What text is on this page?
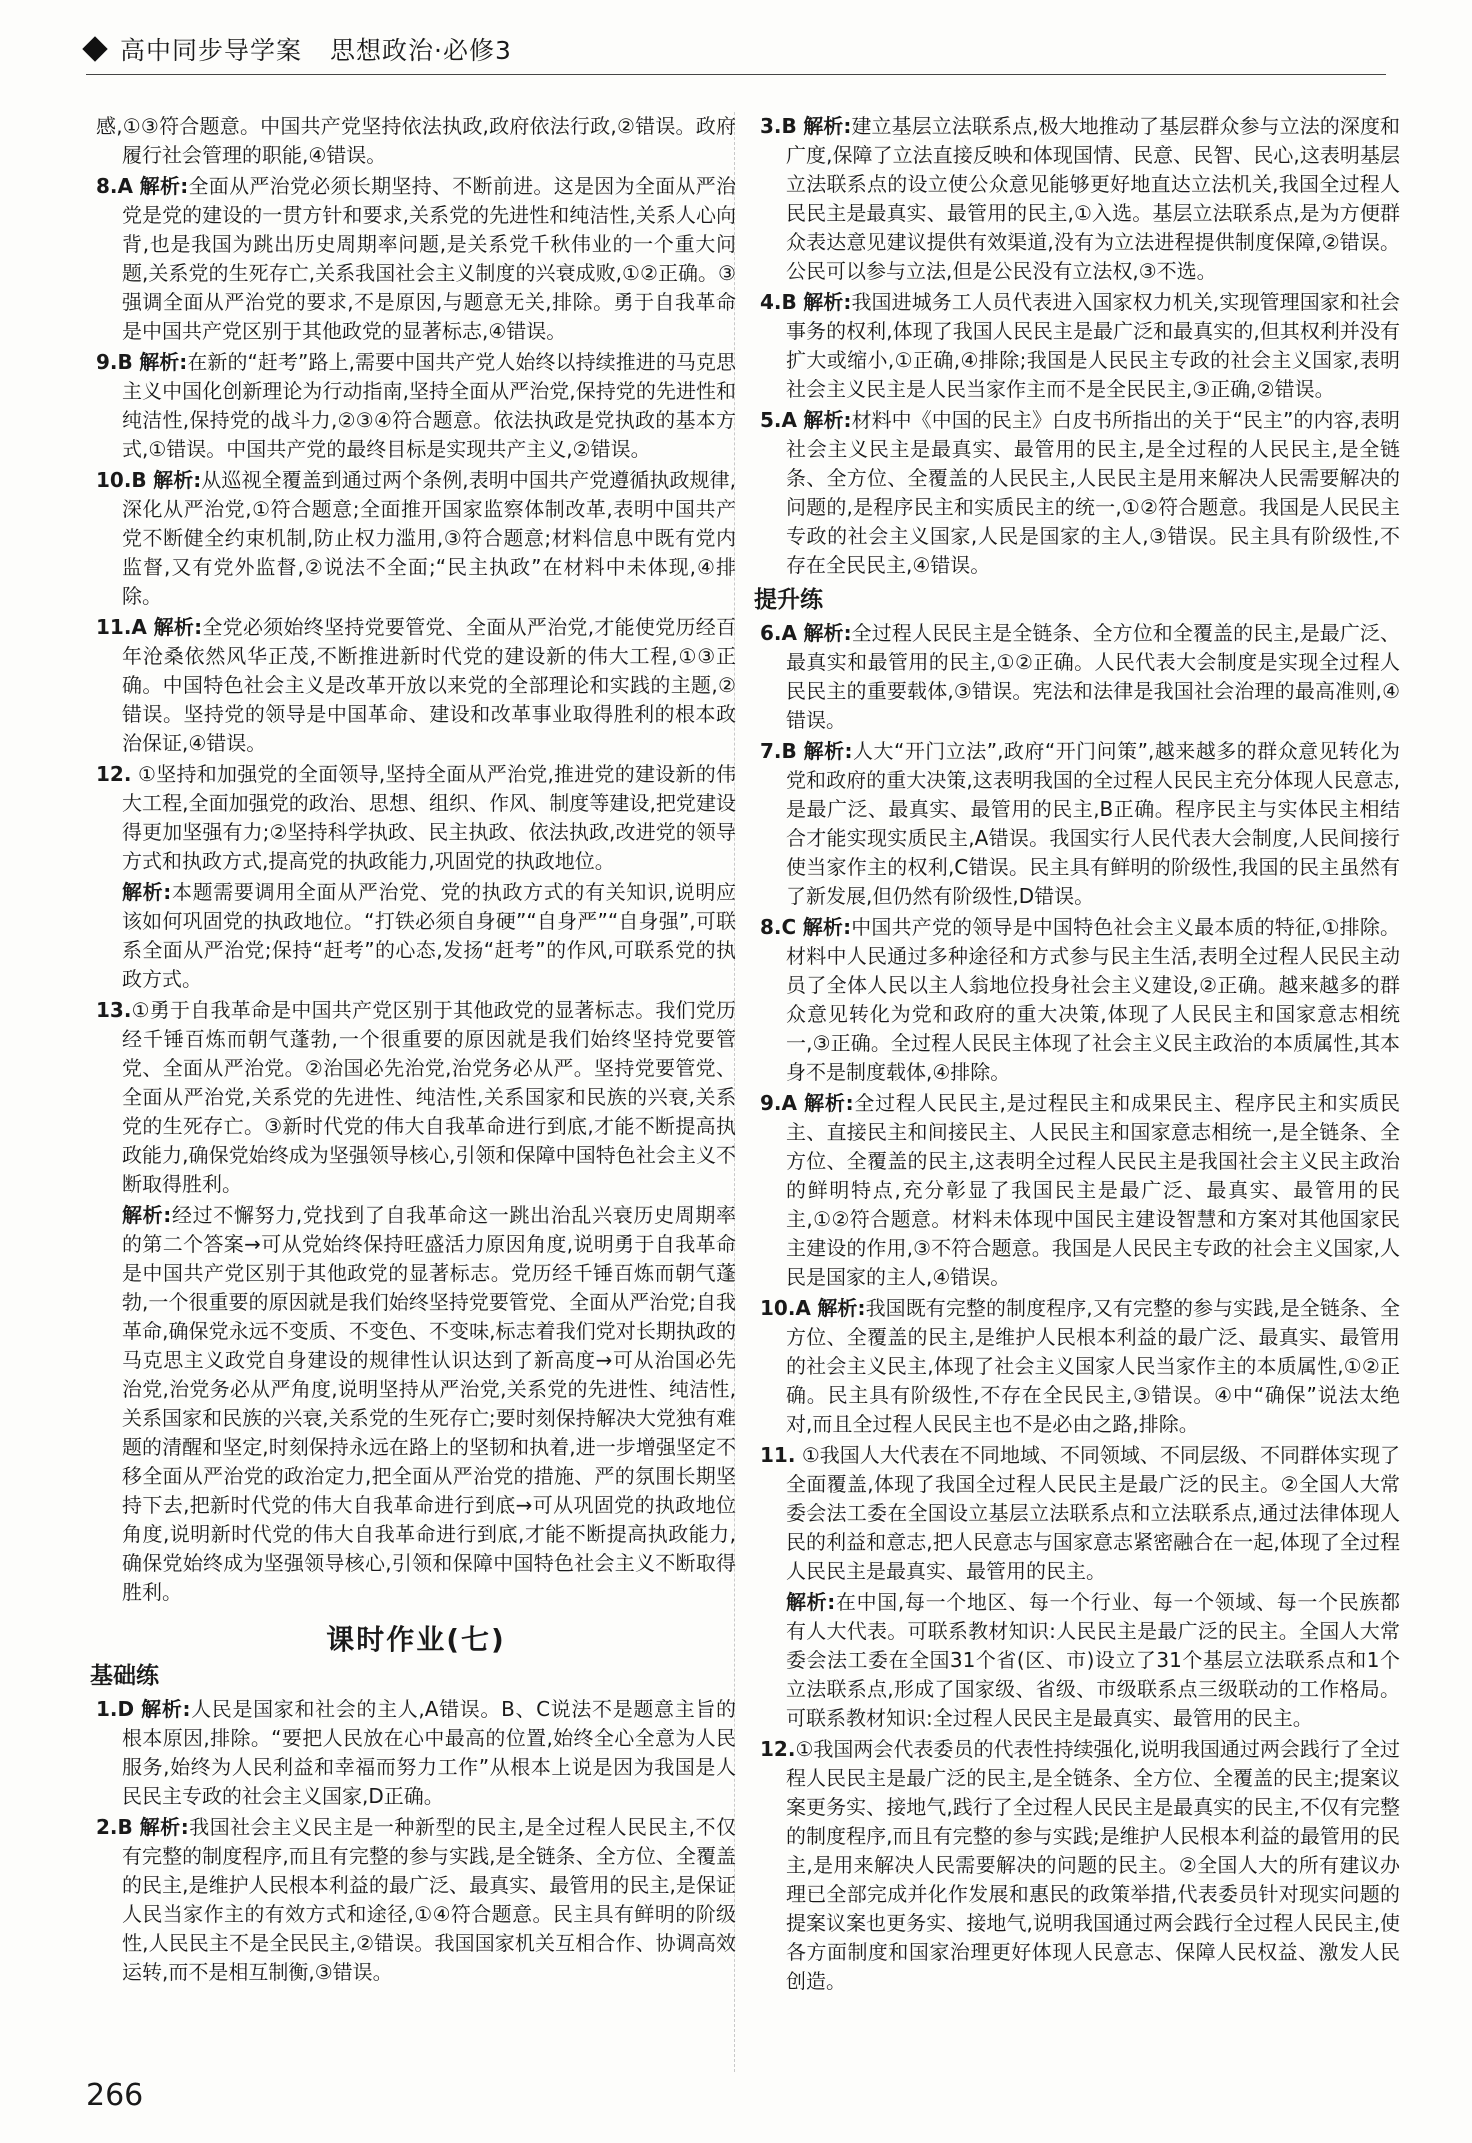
高中同步导学案 思想政治·必修3

感,①③符合题意。中国共产党坚持依法执政,政府依法行政,②错误。政府履行社会管理的职能,④错误。

8.A 解析:全面从严治党必须长期坚持、不断前进。这是因为全面从严治党是党的建设的一贯方针和要求,关系党的先进性和纯洁性,关系人心向背,也是我国为跳出历史周期率问题,是关系党千秋伟业的一个重大问题,关系党的生死存亡,关系我国社会主义制度的兴衰成败,①②正确。③强调全面从严治党的要求,不是原因,与题意无关,排除。勇于自我革命是中国共产党区别于其他政党的显著标志,④错误。

9.B 解析:在新的“赶考”路上,需要中国共产党人始终以持续推进的马克思主义中国化创新理论为行动指南,坚持全面从严治党,保持党的先进性和纯洁性,保持党的战斗力,②③④符合题意。依法执政是党执政的基本方式,①错误。中国共产党的最终目标是实现共产主义,②错误。

10.B 解析:从巡视全覆盖到通过两个条例,表明中国共产党遵循执政规律,深化从严治党,①符合题意;全面推开国家监察体制改革,表明中国共产党不断健全约束机制,防止权力滥用,③符合题意;材料信息中既有党内监督,又有党外监督,②说法不全面;“民主执政”在材料中未体现,④排除。

11.A 解析:全党必须始终坚持党要管党、全面从严治党,才能使党历经百年沧桑依然风华正茂,不断推进新时代党的建设新的伟大工程,①③正确。中国特色社会主义是改革开放以来党的全部理论和实践的主题,②错误。坚持党的领导是中国革命、建设和改革事业取得胜利的根本政治保证,④错误。

12. ①坚持和加强党的全面领导,坚持全面从严治党,推进党的建设新的伟大工程,全面加强党的政治、思想、组织、作风、制度等建设,把党建设得更加坚强有力;②坚持科学执政、民主执政、依法执政,改进党的领导方式和执政方式,提高党的执政能力,巩固党的执政地位。

解析:本题需要调用全面从严治党、党的执政方式的有关知识,说明应该如何巩固党的执政地位。“打铁必须自身硬”“自身严”“自身强”,可联系全面从严治党;保持“赶考”的心态,发扬“赶考”的作风,可联系党的执政方式。

13.①勇于自我革命是中国共产党区别于其他政党的显著标志。我们党历经千锤百炼而朝气蓬勃,一个很重要的原因就是我们始终坚持党要管党、全面从严治党。②治国必先治党,治党务必从严。坚持党要管党、全面从严治党,关系党的先进性、纯洁性,关系国家和民族的兴衰,关系党的生死存亡。③新时代党的伟大自我革命进行到底,才能不断提高执政能力,确保党始终成为坚强领导核心,引领和保障中国特色社会主义不断取得胜利。

解析:经过不懈努力,党找到了自我革命这一跳出治乱兴衰历史周期率的第二个答案→可从党始终保持旺盛活力原因角度,说明勇于自我革命是中国共产党区别于其他政党的显著标志。党历经千锤百炼而朝气蓬勃,一个很重要的原因就是我们始终坚持党要管党、全面从严治党;自我革命,确保党永远不变质、不变色、不变味,标志着我们党对长期执政的马克思主义政党自身建设的规律性认识达到了新高度→可从治国必先治党,治党务必从严角度,说明坚持从严治党,关系党的先进性、纯洁性,关系国家和民族的兴衰,关系党的生死存亡;要时刻保持解决大党独有难题的清醒和坚定,时刻保持永远在路上的坚韧和执着,进一步增强坚定不移全面从严治党的政治定力,把全面从严治党的措施、严的氛围长期坚持下去,把新时代党的伟大自我革命进行到底→可从巩固党的执政地位角度,说明新时代党的伟大自我革命进行到底,才能不断提高执政能力,确保党始终成为坚强领导核心,引领和保障中国特色社会主义不断取得胜利。

课时作业(七)
基础练

1.D 解析:人民是国家和社会的主人,A错误。B、C说法不是题意主旨的根本原因,排除。“要把人民放在心中最高的位置,始终全心全意为人民服务,始终为人民利益和幸福而努力工作”从根本上说是因为我国是人民民主专政的社会主义国家,D正确。

2.B 解析:我国社会主义民主是一种新型的民主,是全过程人民民主,不仅有完整的制度程序,而且有完整的参与实践,是全链条、全方位、全覆盖的民主,是维护人民根本利益的最广泛、最真实、最管用的民主,是保证人民当家作主的有效方式和途径,①④符合题意。民主具有鲜明的阶级性,人民民主不是全民民主,②错误。我国国家机关互相合作、协调高效运转,而不是相互制衡,③错误。

3.B 解析:建立基层立法联系点,极大地推动了基层群众参与立法的深度和广度,保障了立法直接反映和体现国情、民意、民智、民心,这表明基层立法联系点的设立使公众意见能够更好地直达立法机关,我国全过程人民民主是最真实、最管用的民主,①入选。基层立法联系点,是为方便群众表达意见建议提供有效渠道,没有为立法进程提供制度保障,②错误。公民可以参与立法,但是公民没有立法权,③不选。

4.B 解析:我国进城务工人员代表进入国家权力机关,实现管理国家和社会事务的权利,体现了我国人民民主是最广泛和最真实的,但其权利并没有扩大或缩小,①正确,④排除;我国是人民民主专政的社会主义国家,表明社会主义民主是人民当家作主而不是全民民主,③正确,②错误。

5.A 解析:材料中《中国的民主》白皮书所指出的关于“民主”的内容,表明社会主义民主是最真实、最管用的民主,是全过程的人民民主,是全链条、全方位、全覆盖的人民民主,人民民主是用来解决人民需要解决的问题的,是程序民主和实质民主的统一,①②符合题意。我国是人民民主专政的社会主义国家,人民是国家的主人,③错误。民主具有阶级性,不存在全民民主,④错误。

提升练

6.A 解析:全过程人民民主是全链条、全方位和全覆盖的民主,是最广泛、最真实和最管用的民主,①②正确。人民代表大会制度是实现全过程人民民主的重要载体,③错误。宪法和法律是我国社会治理的最高准则,④错误。

7.B 解析:人大“开门立法”,政府“开门问策”,越来越多的群众意见转化为党和政府的重大决策,这表明我国的全过程人民民主充分体现人民意志,是最广泛、最真实、最管用的民主,B正确。程序民主与实体民主相结合才能实现实质民主,A错误。我国实行人民代表大会制度,人民间接行使当家作主的权利,C错误。民主具有鲜明的阶级性,我国的民主虽然有了新发展,但仍然有阶级性,D错误。

8.C 解析:中国共产党的领导是中国特色社会主义最本质的特征,①排除。材料中人民通过多种途径和方式参与民主生活,表明全过程人民民主动员了全体人民以主人翁地位投身社会主义建设,②正确。越来越多的群众意见转化为党和政府的重大决策,体现了人民民主和国家意志相统一,③正确。全过程人民民主体现了社会主义民主政治的本质属性,其本身不是制度载体,④排除。

9.A 解析:全过程人民民主,是过程民主和成果民主、程序民主和实质民主、直接民主和间接民主、人民民主和国家意志相统一,是全链条、全方位、全覆盖的民主,这表明全过程人民民主是我国社会主义民主政治的鲜明特点,充分彰显了我国民主是最广泛、最真实、最管用的民主,①②符合题意。材料未体现中国民主建设智慧和方案对其他国家民主建设的作用,③不符合题意。我国是人民民主专政的社会主义国家,人民是国家的主人,④错误。

10.A 解析:我国既有完整的制度程序,又有完整的参与实践,是全链条、全方位、全覆盖的民主,是维护人民根本利益的最广泛、最真实、最管用的社会主义民主,体现了社会主义国家人民当家作主的本质属性,①②正确。民主具有阶级性,不存在全民民主,③错误。④中“确保”说法太绝对,而且全过程人民民主也不是必由之路,排除。

11. ①我国人大代表在不同地域、不同领域、不同层级、不同群体实现了全面覆盖,体现了我国全过程人民民主是最广泛的民主。②全国人大常委会法工委在全国设立基层立法联系点和立法联系点,通过法律体现人民的利益和意志,把人民意志与国家意志紧密融合在一起,体现了全过程人民民主是最真实、最管用的民主。

解析:在中国,每一个地区、每一个行业、每一个领域、每一个民族都有人大代表。可联系教材知识:人民民主是最广泛的民主。全国人大常委会法工委在全国31个省(区、市)设立了31个基层立法联系点和1个立法联系点,形成了国家级、省级、市级联系点三级联动的工作格局。可联系教材知识:全过程人民民主是最真实、最管用的民主。

12.①我国两会代表委员的代表性持续强化,说明我国通过两会践行了全过程人民民主是最广泛的民主,是全链条、全方位、全覆盖的民主;提案议案更务实、接地气,践行了全过程人民民主是最真实的民主,不仅有完整的制度程序,而且有完整的参与实践;是维护人民根本利益的最管用的民主,是用来解决人民需要解决的问题的民主。②全国人大的所有建议办理已全部完成并化作发展和惠民的政策举措,代表委员针对现实问题的提案议案也更务实、接地气,说明我国通过两会践行全过程人民民主,使各方面制度和国家治理更好体现人民意志、保障人民权益、激发人民创造。

266
